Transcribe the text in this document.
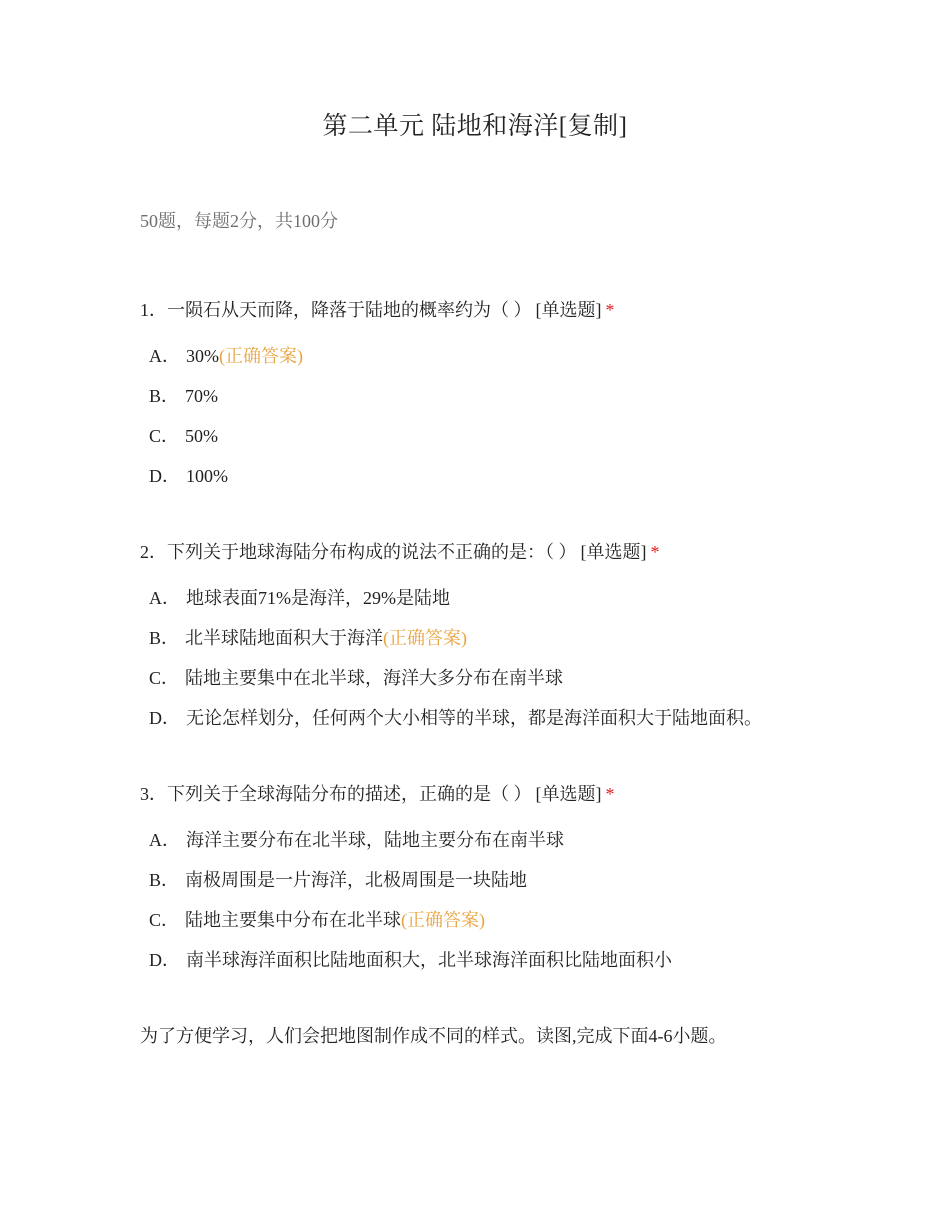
第二单元 陆地和海洋[复制]
50题，每题2分，共100分
1．一陨石从天而降，降落于陆地的概率约为（ ） [单选题] *
A． 30%(正确答案)
B． 70%
C． 50%
D． 100%
2．下列关于地球海陆分布构成的说法不正确的是：（ ） [单选题] *
A． 地球表面71%是海洋，29%是陆地
B． 北半球陆地面积大于海洋(正确答案)
C． 陆地主要集中在北半球，海洋大多分布在南半球
D． 无论怎样划分，任何两个大小相等的半球，都是海洋面积大于陆地面积。
3．下列关于全球海陆分布的描述，正确的是（ ） [单选题] *
A． 海洋主要分布在北半球，陆地主要分布在南半球
B． 南极周围是一片海洋，北极周围是一块陆地
C． 陆地主要集中分布在北半球(正确答案)
D． 南半球海洋面积比陆地面积大，北半球海洋面积比陆地面积小
为了方便学习，人们会把地图制作成不同的样式。读图,完成下面4-6小题。
